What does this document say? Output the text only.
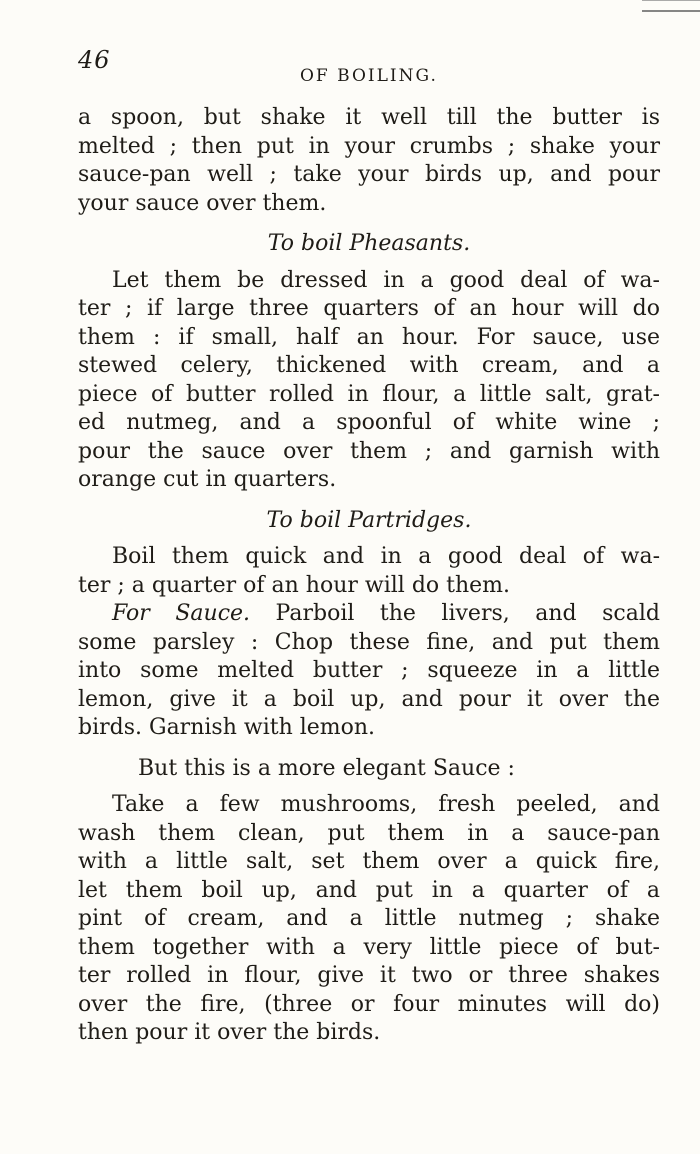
46
OF BOILING.
a spoon, but shake it well till the butter is
melted ; then put in your crumbs ; shake your
sauce-pan well ; take your birds up, and pour
your sauce over them.
To boil Pheasants.
Let them be dressed in a good deal of wa-
ter ; if large three quarters of an hour will do
them : if small, half an hour. For sauce, use
stewed celery, thickened with cream, and a
piece of butter rolled in flour, a little salt, grat-
ed nutmeg, and a spoonful of white wine ;
pour the sauce over them ; and garnish with
orange cut in quarters.
To boil Partridges.
Boil them quick and in a good deal of wa-
ter ; a quarter of an hour will do them.
For Sauce. Parboil the livers, and scald
some parsley : Chop these fine, and put them
into some melted butter ; squeeze in a little
lemon, give it a boil up, and pour it over the
birds. Garnish with lemon.
But this is a more elegant Sauce :
Take a few mushrooms, fresh peeled, and
wash them clean, put them in a sauce-pan
with a little salt, set them over a quick fire,
let them boil up, and put in a quarter of a
pint of cream, and a little nutmeg ; shake
them together with a very little piece of but-
ter rolled in flour, give it two or three shakes
over the fire, (three or four minutes will do)
then pour it over the birds.
